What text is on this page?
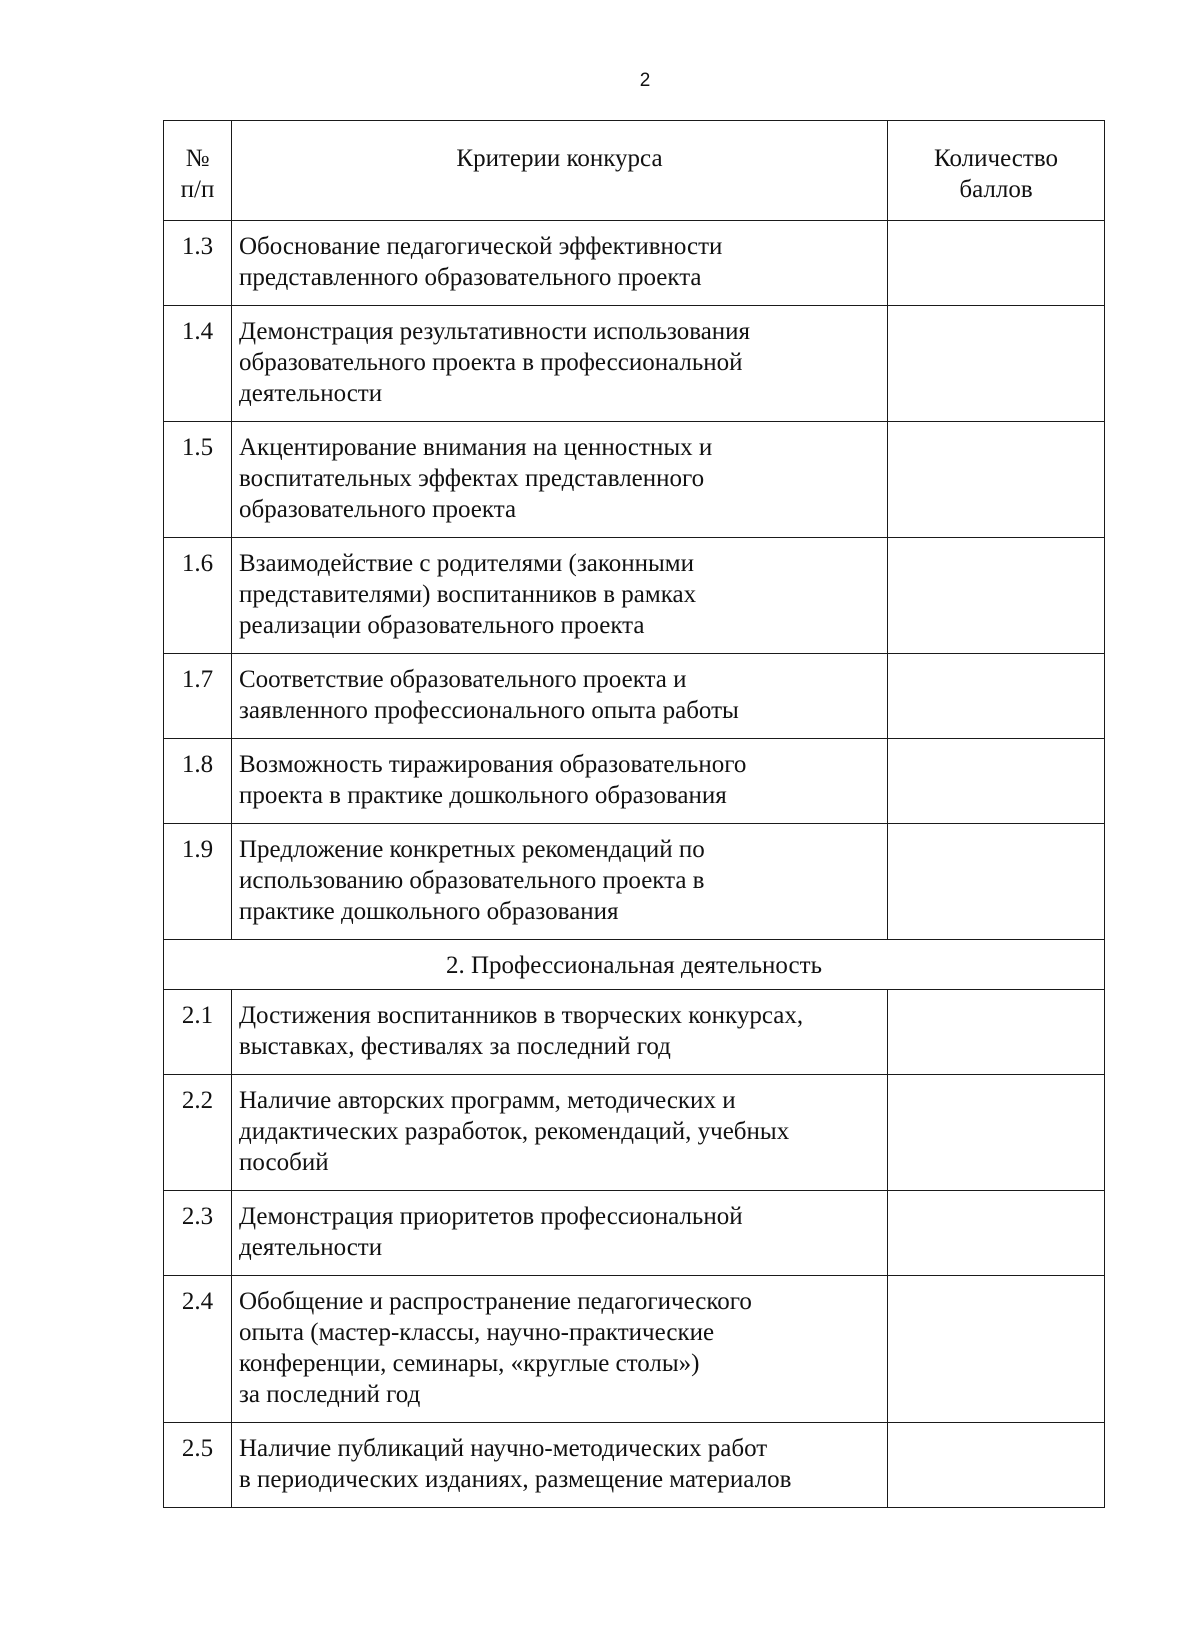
2
№
п/п	Критерии конкурса	Количество
баллов
1.3	Обоснование педагогической эффективности
представленного образовательного проекта	
1.4	Демонстрация результативности использования
образовательного проекта в профессиональной
деятельности	
1.5	Акцентирование внимания на ценностных и
воспитательных эффектах представленного
образовательного проекта	
1.6	Взаимодействие с родителями (законными
представителями) воспитанников в рамках
реализации образовательного проекта	
1.7	Соответствие образовательного проекта и
заявленного профессионального опыта работы	
1.8	Возможность тиражирования образовательного
проекта в практике дошкольного образования	
1.9	Предложение конкретных рекомендаций по
использованию образовательного проекта в
практике дошкольного образования	
2. Профессиональная деятельность		
2.1	Достижения воспитанников в творческих конкурсах,
выставках, фестивалях за последний год	
2.2	Наличие авторских программ, методических и
дидактических разработок, рекомендаций, учебных
пособий	
2.3	Демонстрация приоритетов профессиональной
деятельности	
2.4	Обобщение и распространение педагогического
опыта (мастер-классы, научно-практические
конференции, семинары, «круглые столы»)
за последний год	
2.5	Наличие публикаций научно-методических работ
в периодических изданиях, размещение материалов	
